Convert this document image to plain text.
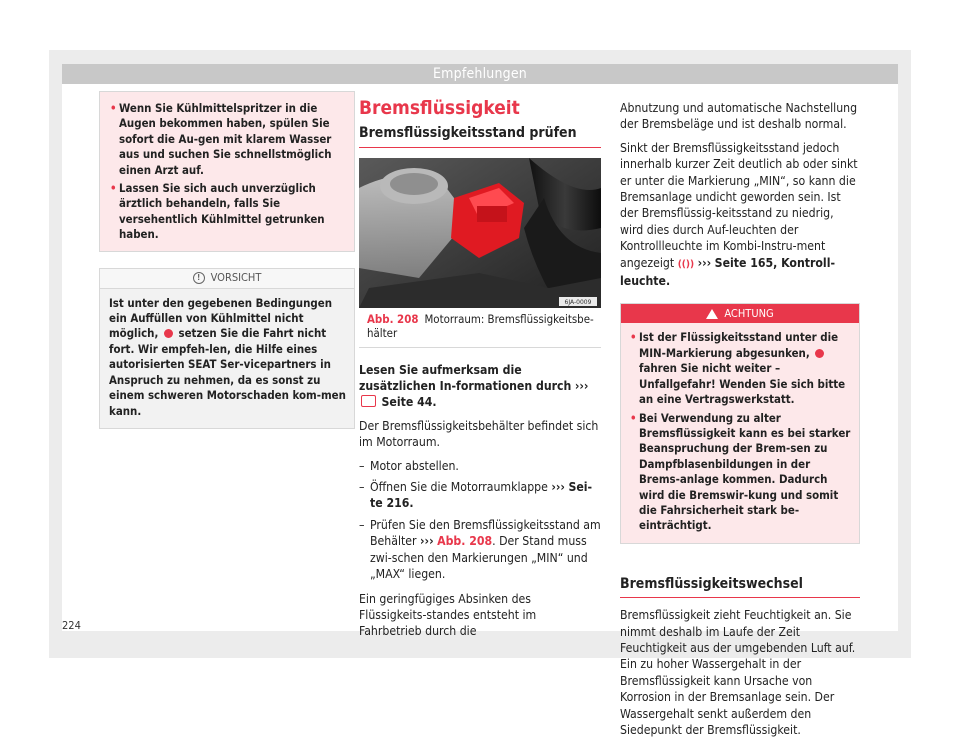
Empfehlungen
• Wenn Sie Kühlmittelspritzer in die Augen bekommen haben, spülen Sie sofort die Au-gen mit klarem Wasser aus und suchen Sie schnellstmöglich einen Arzt auf.
• Lassen Sie sich auch unverzüglich ärztlich behandeln, falls Sie versehentlich Kühlmittel getrunken haben.
! VORSICHT
Ist unter den gegebenen Bedingungen ein Auffüllen von Kühlmittel nicht möglich, setzen Sie die Fahrt nicht fort. Wir empfeh-len, die Hilfe eines autorisierten SEAT Ser-vicepartners in Anspruch zu nehmen, da es sonst zu einem schweren Motorschaden kom-men kann.
Bremsflüssigkeit
Bremsflüssigkeitsstand prüfen
6JA-0009
Abb. 208 Motorraum: Bremsflüssigkeitsbe-hälter

Lesen Sie aufmerksam die zusätzlichen In-formationen durch ›››  Seite 44.

Der Bremsflüssigkeitsbehälter befindet sich im Motorraum.

– Motor abstellen.
– Öffnen Sie die Motorraumklappe ››› Sei-te 216.
– Prüfen Sie den Bremsflüssigkeitsstand am Behälter ››› Abb. 208. Der Stand muss zwi-schen den Markierungen „MIN“ und „MAX“ liegen.

Ein geringfügiges Absinken des Flüssigkeits-standes entsteht im Fahrbetrieb durch die

Abnutzung und automatische Nachstellung der Bremsbeläge und ist deshalb normal.

Sinkt der Bremsflüssigkeitsstand jedoch innerhalb kurzer Zeit deutlich ab oder sinkt er unter die Markierung „MIN“, so kann die Bremsanlage undicht geworden sein. Ist der Bremsflüssig-keitsstand zu niedrig, wird dies durch Auf-leuchten der Kontrollleuchte im Kombi-Instru-ment angezeigt (()) ››› Seite 165, Kontroll-leuchte.

ACHTUNG
• Ist der Flüssigkeitsstand unter die MIN-Markierung abgesunken,  fahren Sie nicht weiter – Unfallgefahr! Wenden Sie sich bitte an eine Vertragswerkstatt.
• Bei Verwendung zu alter Bremsflüssigkeit kann es bei starker Beanspruchung der Brem-sen zu Dampfblasenbildungen in der Brems-anlage kommen. Dadurch wird die Bremswir-kung und somit die Fahrsicherheit stark be-einträchtigt.
Bremsflüssigkeitswechsel

Bremsflüssigkeit zieht Feuchtigkeit an. Sie nimmt deshalb im Laufe der Zeit Feuchtigkeit aus der umgebenden Luft auf. Ein zu hoher Wassergehalt in der Bremsflüssigkeit kann Ursache von Korrosion in der Bremsanlage sein. Der Wassergehalt senkt außerdem den Siedepunkt der Bremsflüssigkeit.

224
